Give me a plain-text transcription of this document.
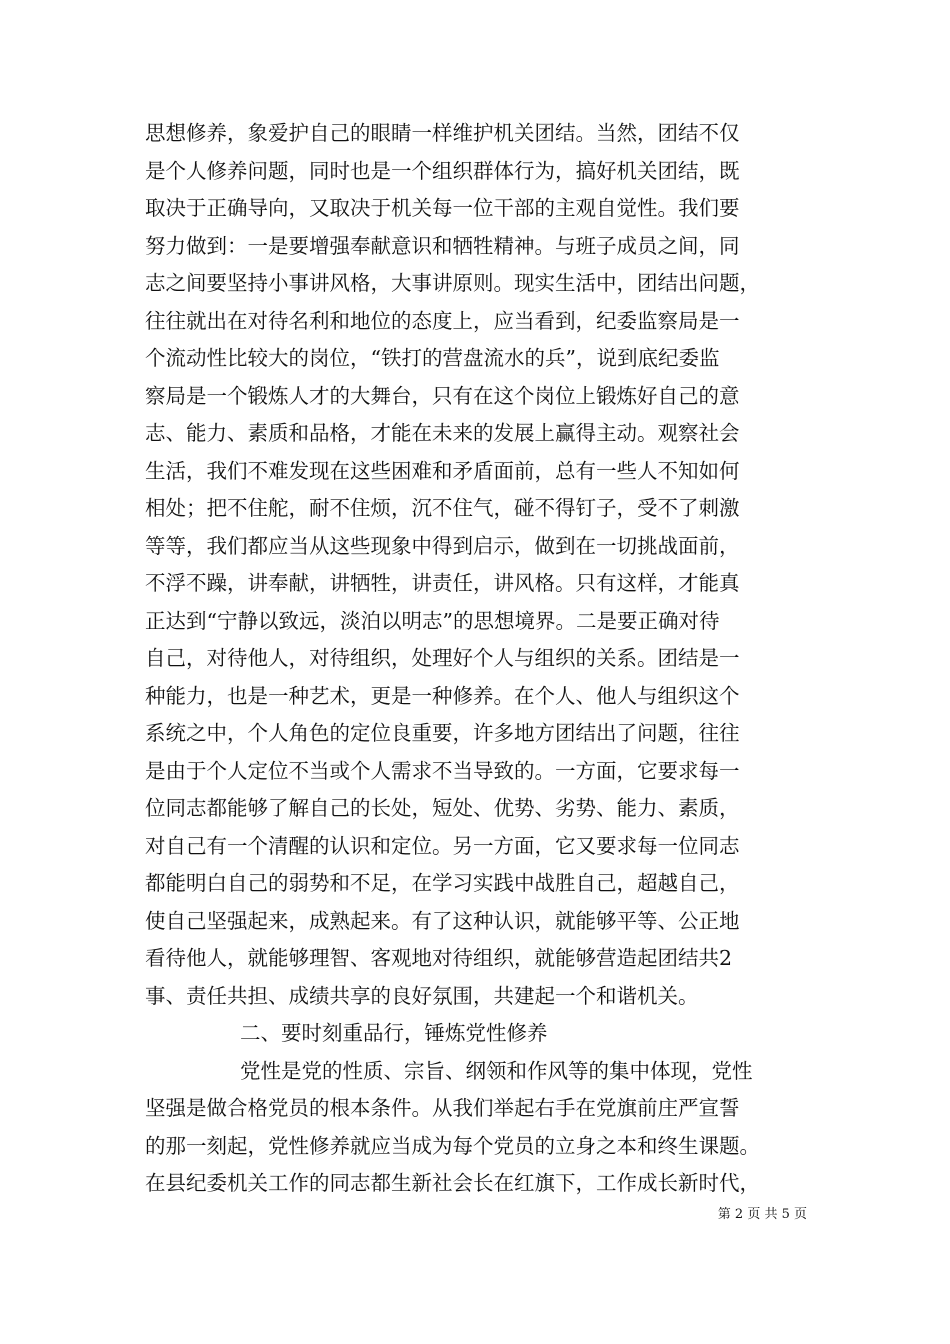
思想修养，象爱护自己的眼睛一样维护机关团结。当然，团结不仅
是个人修养问题，同时也是一个组织群体行为，搞好机关团结，既
取决于正确导向，又取决于机关每一位干部的主观自觉性。我们要
努力做到：一是要增强奉献意识和牺牲精神。与班子成员之间，同
志之间要坚持小事讲风格，大事讲原则。现实生活中，团结出问题，
往往就出在对待名利和地位的态度上，应当看到，纪委监察局是一
个流动性比较大的岗位，“铁打的营盘流水的兵”，说到底纪委监
察局是一个锻炼人才的大舞台，只有在这个岗位上锻炼好自己的意
志、能力、素质和品格，才能在未来的发展上赢得主动。观察社会
生活，我们不难发现在这些困难和矛盾面前，总有一些人不知如何
相处；把不住舵，耐不住烦，沉不住气，碰不得钉子，受不了刺激
等等，我们都应当从这些现象中得到启示，做到在一切挑战面前，
不浮不躁，讲奉献，讲牺牲，讲责任，讲风格。只有这样，才能真
正达到“宁静以致远，淡泊以明志”的思想境界。二是要正确对待
自己，对待他人，对待组织，处理好个人与组织的关系。团结是一
种能力，也是一种艺术，更是一种修养。在个人、他人与组织这个
系统之中，个人角色的定位良重要，许多地方团结出了问题，往往
是由于个人定位不当或个人需求不当导致的。一方面，它要求每一
位同志都能够了解自己的长处，短处、优势、劣势、能力、素质，
对自己有一个清醒的认识和定位。另一方面，它又要求每一位同志
都能明白自己的弱势和不足，在学习实践中战胜自己，超越自己，
使自己坚强起来，成熟起来。有了这种认识，就能够平等、公正地
看待他人，就能够理智、客观地对待组织，就能够营造起团结共2
事、责任共担、成绩共享的良好氛围，共建起一个和谐机关。
二、要时刻重品行，锤炼党性修养
党性是党的性质、宗旨、纲领和作风等的集中体现，党性
坚强是做合格党员的根本条件。从我们举起右手在党旗前庄严宣誓
的那一刻起，党性修养就应当成为每个党员的立身之本和终生课题。
在县纪委机关工作的同志都生新社会长在红旗下，工作成长新时代，
第 2 页 共 5 页
